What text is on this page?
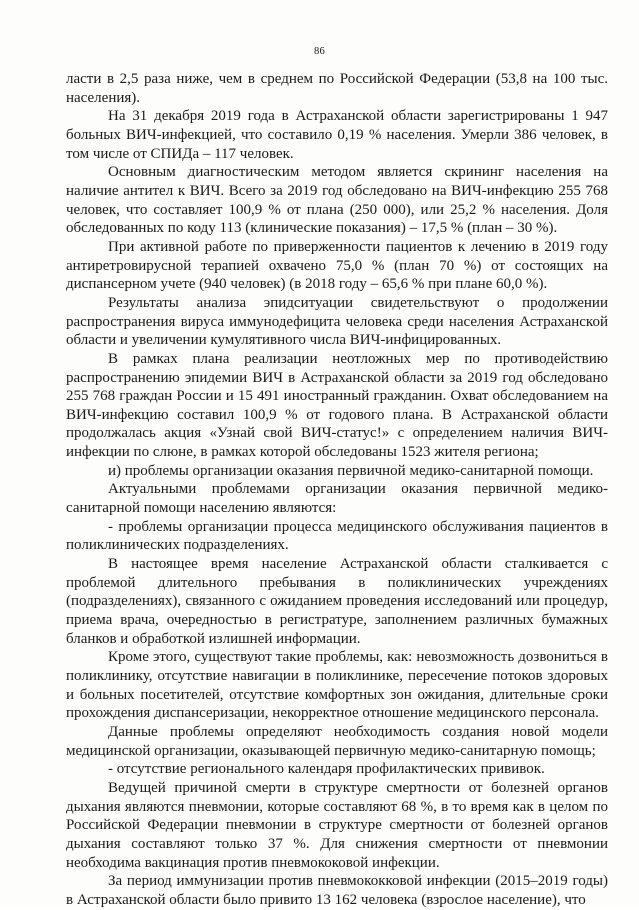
86

ласти в 2,5 раза ниже, чем в среднем по Российской Федерации (53,8 на 100 тыс. населения).

На 31 декабря 2019 года в Астраханской области зарегистрированы 1 947 больных ВИЧ-инфекцией, что составило 0,19 % населения. Умерли 386 человек, в том числе от СПИДа – 117 человек.

Основным диагностическим методом является скрининг населения на наличие антител к ВИЧ. Всего за 2019 год обследовано на ВИЧ-инфекцию 255 768 человек, что составляет 100,9 % от плана (250 000), или 25,2 % населения. Доля обследованных по коду 113 (клинические показания) – 17,5 % (план – 30 %).

При активной работе по приверженности пациентов к лечению в 2019 году антиретровирусной терапией охвачено 75,0 % (план 70 %) от состоящих на диспансерном учете (940 человек) (в 2018 году – 65,6 % при плане 60,0 %).

Результаты анализа эпидситуации свидетельствуют о продолжении распространения вируса иммунодефицита человека среди населения Астраханской области и увеличении кумулятивного числа ВИЧ-инфицированных.

В рамках плана реализации неотложных мер по противодействию распространению эпидемии ВИЧ в Астраханской области за 2019 год обследовано 255 768 граждан России и 15 491 иностранный гражданин. Охват обследованием на ВИЧ-инфекцию составил 100,9 % от годового плана. В Астраханской области продолжалась акция «Узнай свой ВИЧ-статус!» с определением наличия ВИЧ-инфекции по слюне, в рамках которой обследованы 1523 жителя региона;

и) проблемы организации оказания первичной медико-санитарной помощи.

Актуальными проблемами организации оказания первичной медико-санитарной помощи населению являются:

- проблемы организации процесса медицинского обслуживания пациентов в поликлинических подразделениях.

В настоящее время население Астраханской области сталкивается с проблемой длительного пребывания в поликлинических учреждениях (подразделениях), связанного с ожиданием проведения исследований или процедур, приема врача, очередностью в регистратуре, заполнением различных бумажных бланков и обработкой излишней информации.

Кроме этого, существуют такие проблемы, как: невозможность дозвониться в поликлинику, отсутствие навигации в поликлинике, пересечение потоков здоровых и больных посетителей, отсутствие комфортных зон ожидания, длительные сроки прохождения диспансеризации, некорректное отношение медицинского персонала.

Данные проблемы определяют необходимость создания новой модели медицинской организации, оказывающей первичную медико-санитарную помощь;

- отсутствие регионального календаря профилактических прививок.

Ведущей причиной смерти в структуре смертности от болезней органов дыхания являются пневмонии, которые составляют 68 %, в то время как в целом по Российской Федерации пневмонии в структуре смертности от болезней органов дыхания составляют только 37 %. Для снижения смертности от пневмонии необходима вакцинация против пневмококовой инфекции.

За период иммунизации против пневмококковой инфекции (2015–2019 годы) в Астраханской области было привито 13 162 человека (взрослое население), что
